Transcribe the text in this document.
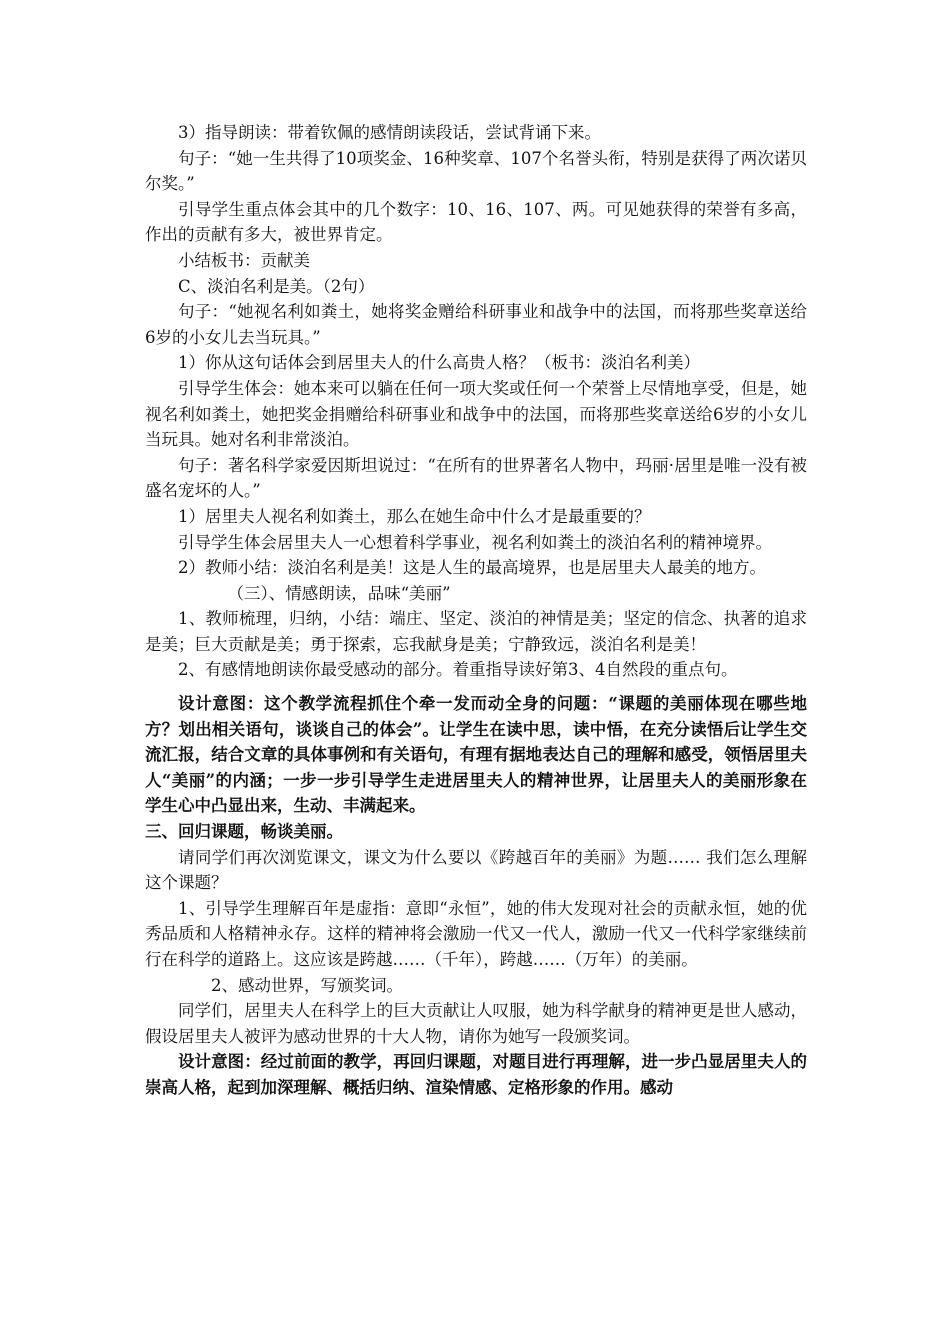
3）指导朗读：带着钦佩的感情朗读段话，尝试背诵下来。

句子：“她一生共得了10项奖金、16种奖章、107个名誉头衔，特别是获得了两次诺贝尔奖。”

引导学生重点体会其中的几个数字：10、16、107、两。可见她获得的荣誉有多高，作出的贡献有多大，被世界肯定。

小结板书：贡献美

C、淡泊名利是美。（2句）

句子：“她视名利如粪土，她将奖金赠给科研事业和战争中的法国，而将那些奖章送给6岁的小女儿去当玩具。”

1）你从这句话体会到居里夫人的什么高贵人格？（板书：淡泊名利美）

引导学生体会：她本来可以躺在任何一项大奖或任何一个荣誉上尽情地享受，但是，她视名利如粪土，她把奖金捐赠给科研事业和战争中的法国，而将那些奖章送给6岁的小女儿当玩具。她对名利非常淡泊。

句子：著名科学家爱因斯坦说过：“在所有的世界著名人物中，玛丽·居里是唯一没有被盛名宠坏的人。”

1）居里夫人视名利如粪土，那么在她生命中什么才是最重要的？

引导学生体会居里夫人一心想着科学事业，视名利如粪土的淡泊名利的精神境界。

2）教师小结：淡泊名利是美！这是人生的最高境界，也是居里夫人最美的地方。

（三）、情感朗读，品味“美丽”

1、教师梳理，归纳，小结：端庄、坚定、淡泊的神情是美；坚定的信念、执著的追求是美；巨大贡献是美；勇于探索，忘我献身是美；宁静致远，淡泊名利是美！

2、有感情地朗读你最受感动的部分。着重指导读好第3、4自然段的重点句。

设计意图：这个教学流程抓住个牵一发而动全身的问题：“课题的美丽体现在哪些地方？划出相关语句，谈谈自己的体会”。让学生在读中思，读中悟，在充分读悟后让学生交流汇报，结合文章的具体事例和有关语句，有理有据地表达自己的理解和感受，领悟居里夫人“美丽”的内涵；一步一步引导学生走进居里夫人的精神世界，让居里夫人的美丽形象在学生心中凸显出来，生动、丰满起来。

三、回归课题，畅谈美丽。

请同学们再次浏览课文，课文为什么要以《跨越百年的美丽》为题…… 我们怎么理解这个课题？

1、引导学生理解百年是虚指：意即“永恒”，她的伟大发现对社会的贡献永恒，她的优秀品质和人格精神永存。这样的精神将会激励一代又一代人，激励一代又一代科学家继续前行在科学的道路上。这应该是跨越……（千年），跨越……（万年）的美丽。

2、感动世界，写颁奖词。

同学们，居里夫人在科学上的巨大贡献让人叹服，她为科学献身的精神更是世人感动，假设居里夫人被评为感动世界的十大人物，请你为她写一段颁奖词。

设计意图：经过前面的教学，再回归课题，对题目进行再理解，进一步凸显居里夫人的崇高人格，起到加深理解、概括归纳、渲染情感、定格形象的作用。感动
